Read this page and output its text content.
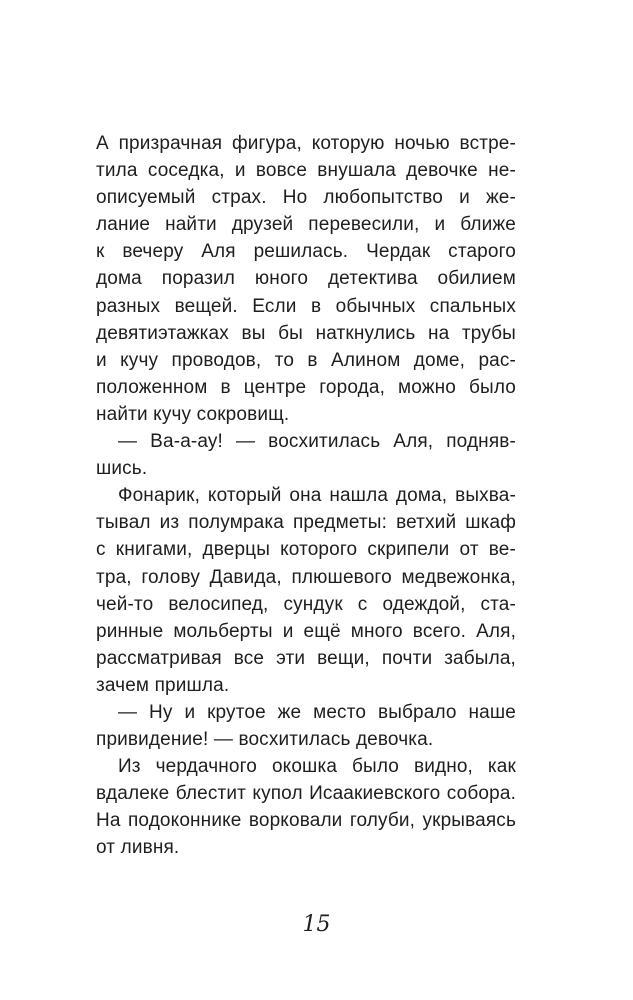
А призрачная фигура, которую ночью встре-
тила соседка, и вовсе внушала девочке не-
описуемый страх. Но любопытство и же-
лание найти друзей перевесили, и ближе
к вечеру Аля решилась. Чердак старого
дома поразил юного детектива обилием
разных вещей. Если в обычных спальных
девятиэтажках вы бы наткнулись на трубы
и кучу проводов, то в Алином доме, рас-
положенном в центре города, можно было
найти кучу сокровищ.
— Ва-а-ау! — восхитилась Аля, подняв-
шись.
Фонарик, который она нашла дома, выхва-
тывал из полумрака предметы: ветхий шкаф
с книгами, дверцы которого скрипели от ве-
тра, голову Давида, плюшевого медвежонка,
чей-то велосипед, сундук с одеждой, ста-
ринные мольберты и ещё много всего. Аля,
рассматривая все эти вещи, почти забыла,
зачем пришла.
— Ну и крутое же место выбрало наше
привидение! — восхитилась девочка.
Из чердачного окошка было видно, как
вдалеке блестит купол Исаакиевского собора.
На подоконнике ворковали голуби, укрываясь
от ливня.
15
